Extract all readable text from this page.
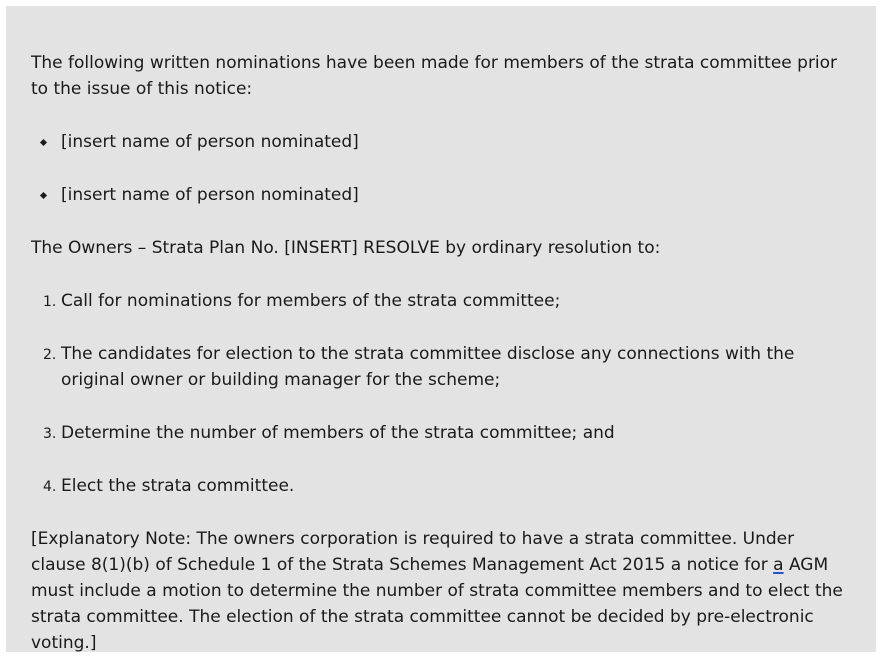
The following written nominations have been made for members of the strata committee prior to the issue of this notice:

[insert name of person nominated]
[insert name of person nominated]

The Owners – Strata Plan No. [INSERT] RESOLVE by ordinary resolution to:

1. Call for nominations for members of the strata committee;
2. The candidates for election to the strata committee disclose any connections with the original owner or building manager for the scheme;
3. Determine the number of members of the strata committee; and
4. Elect the strata committee.

[Explanatory Note: The owners corporation is required to have a strata committee. Under clause 8(1)(b) of Schedule 1 of the Strata Schemes Management Act 2015 a notice for a AGM must include a motion to determine the number of strata committee members and to elect the strata committee. The election of the strata committee cannot be decided by pre-electronic voting.]
